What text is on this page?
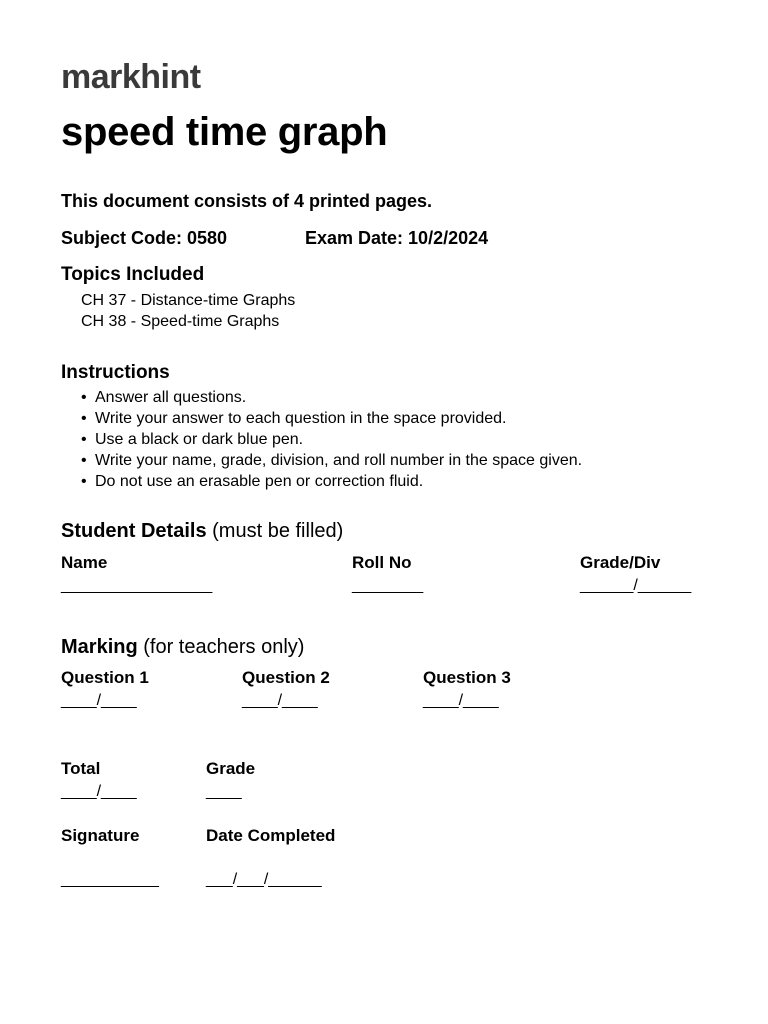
markhint
speed time graph
This document consists of 4 printed pages.
Subject Code: 0580	Exam Date: 10/2/2024
Topics Included
CH 37 - Distance-time Graphs
CH 38 - Speed-time Graphs
Instructions
• Answer all questions.
• Write your answer to each question in the space provided.
• Use a black or dark blue pen.
• Write your name, grade, division, and roll number in the space given.
• Do not use an erasable pen or correction fluid.
Student Details (must be filled)
Name
_________________
Roll No
________
Grade/Div
______/______
Marking (for teachers only)
Question 1
____/____
Question 2
____/____
Question 3
____/____
Total
____/____
Grade
____
Signature
___________
Date Completed
___/___/______
